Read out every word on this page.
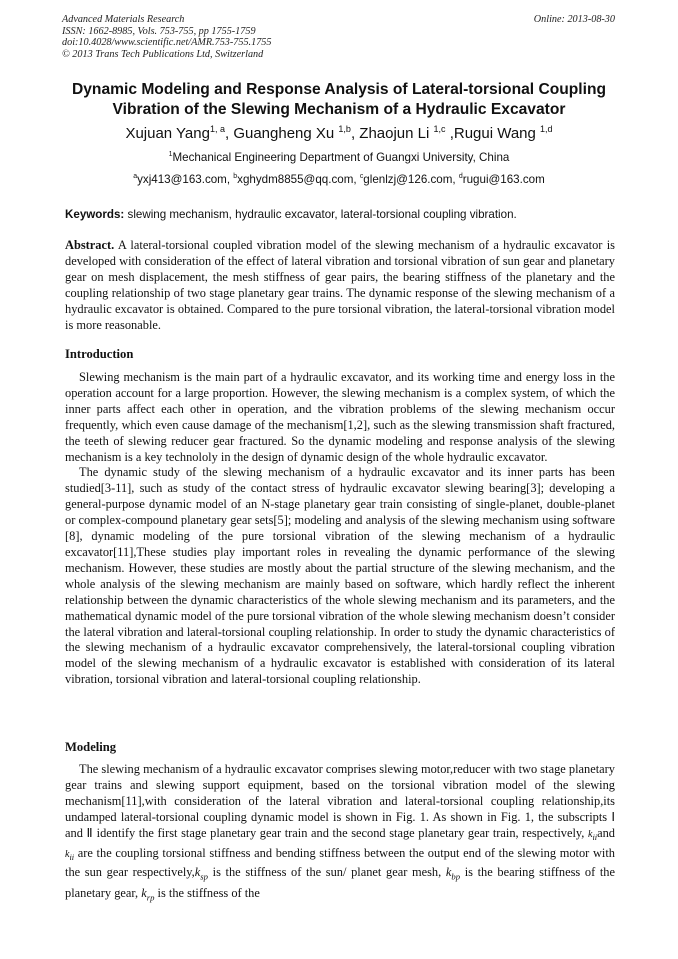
Advanced Materials Research
ISSN: 1662-8985, Vols. 753-755, pp 1755-1759
doi:10.4028/www.scientific.net/AMR.753-755.1755
© 2013 Trans Tech Publications Ltd, Switzerland
Online: 2013-08-30
Dynamic Modeling and Response Analysis of Lateral-torsional Coupling
Vibration of the Slewing Mechanism of a Hydraulic Excavator
Xujuan Yang$^{1, a}$, Guangheng Xu $^{1,b}$, Zhaojun Li $^{1,c}$ ,Rugui Wang $^{1,d}$
$^1$Mechanical Engineering Department of Guangxi University, China
$^a$yxj413@163.com, $^b$xghydm8855@qq.com, $^c$glenlzj@126.com, $^d$rugui@163.com
Keywords: slewing mechanism, hydraulic excavator, lateral-torsional coupling vibration.

Abstract. A lateral-torsional coupled vibration model of the slewing mechanism of a hydraulic excavator is developed with consideration of the effect of lateral vibration and torsional vibration of sun gear and planetary gear on mesh displacement, the mesh stiffness of gear pairs, the bearing stiffness of the planetary and the coupling relationship of two stage planetary gear trains. The dynamic response of the slewing mechanism of a hydraulic excavator is obtained. Compared to the pure torsional vibration, the lateral-torsional vibration model is more reasonable.

Introduction

Slewing mechanism is the main part of a hydraulic excavator, and its working time and energy loss in the operation account for a large proportion. However, the slewing mechanism is a complex system, of which the inner parts affect each other in operation, and the vibration problems of the slewing mechanism occur frequently, which even cause damage of the mechanism[1,2], such as the slewing transmission shaft fractured, the teeth of slewing reducer gear fractured. So the dynamic modeling and response analysis of the slewing mechanism is a key technololy in the design of dynamic design of the whole hydraulic excavator.

The dynamic study of the slewing mechanism of a hydraulic excavator and its inner parts has been studied[3-11], such as study of the contact stress of hydraulic excavator slewing bearing[3]; developing a general-purpose dynamic model of an N-stage planetary gear train consisting of single-planet, double-planet or complex-compound planetary gear sets[5]; modeling and analysis of the slewing mechanism using software [8], dynamic modeling of the pure torsional vibration of the slewing mechanism of a hydraulic excavator[11],These studies play important roles in revealing the dynamic performance of the slewing mechanism. However, these studies are mostly about the partial structure of the slewing mechanism, and the whole analysis of the slewing mechanism are mainly based on software, which hardly reflect the inherent relationship between the dynamic characteristics of the whole slewing mechanism and its parameters, and the mathematical dynamic model of the pure torsional vibration of the whole slewing mechanism doesn’t consider the lateral vibration and lateral-torsional coupling relationship. In order to study the dynamic characteristics of the slewing mechanism of a hydraulic excavator comprehensively, the lateral-torsional coupling vibration model of the slewing mechanism of a hydraulic excavator is established with consideration of its lateral vibration, torsional vibration and lateral-torsional coupling relationship.

Modeling

The slewing mechanism of a hydraulic excavator comprises slewing motor,reducer with two stage planetary gear trains and slewing support equipment, based on the torsional vibration model of the slewing mechanism[11],with consideration of the lateral vibration and lateral-torsional coupling relationship,its undamped lateral-torsional coupling dynamic model is shown in Fig. 1. As shown in Fig. 1, the subscripts Ⅰ and Ⅱ identify the first stage planetary gear train and the second stage planetary gear train, respectively, $k_{ii}and$ $k_{ii}$ are the coupling torsional stiffness and bending stiffness between the output end of the slewing motor with the sun gear $respectively,k_{sp}$ is the stiffness of the sun/ planet gear mesh, $k_{bp}$ is the bearing stiffness of the planetary gear, $k_{rp}$ is the stiffness of the
